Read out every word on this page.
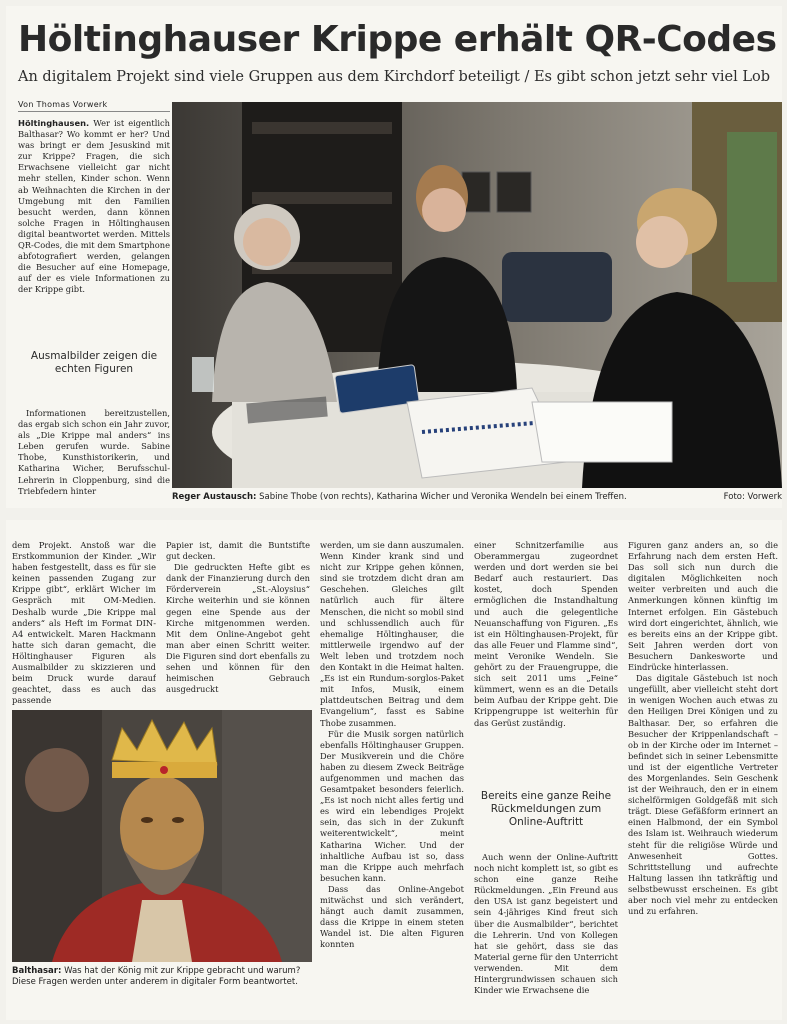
Höltinghauser Krippe erhält QR-Codes
An digitalem Projekt sind viele Gruppen aus dem Kirchdorf beteiligt / Es gibt schon jetzt sehr viel Lob
Von Thomas Vorwerk

Höltinghausen. Wer ist eigentlich Balthasar? Wo kommt er her? Und was bringt er dem Jesuskind mit zur Krippe? Fragen, die sich Erwachsene vielleicht gar nicht mehr stellen, Kinder schon. Wenn ab Weihnachten die Kirchen in der Umgebung mit den Familien besucht werden, dann können solche Fragen in Höltinghausen digital beantwortet werden. Mittels QR-Codes, die mit dem Smartphone abfotografiert werden, gelangen die Besucher auf eine Homepage, auf der es viele Informationen zu der Krippe gibt.

Ausmalbilder zeigen die echten Figuren

Informationen bereitzustellen, das ergab sich schon ein Jahr zuvor, als „Die Krippe mal anders“ ins Leben gerufen wurde. Sabine Thobe, Kunsthistorikerin, und Katharina Wicher, Berufsschul-Lehrerin in Cloppenburg, sind die Triebfedern hinter

Reger Austausch: Sabine Thobe (von rechts), Katharina Wicher und Veronika Wendeln bei einem Treffen.	Foto: Vorwerk

dem Projekt. Anstoß war die Erstkommunion der Kinder. „Wir haben festgestellt, dass es für sie keinen passenden Zugang zur Krippe gibt“, erklärt Wicher im Gespräch mit OM-Medien. Deshalb wurde „Die Krippe mal anders“ als Heft im Format DIN-A4 entwickelt. Maren Hackmann hatte sich daran gemacht, die Höltinghauser Figuren als Ausmalbilder zu skizzieren und beim Druck wurde darauf geachtet, dass es auch das passende

Balthasar: Was hat der König mit zur Krippe gebracht und warum? Diese Fragen werden unter anderem in digitaler Form beantwortet.

Papier ist, damit die Buntstifte gut decken.

Die gedruckten Hefte gibt es dank der Finanzierung durch den Förderverein „St.-Aloysius“ Kirche weiterhin und sie können gegen eine Spende aus der Kirche mitgenommen werden. Mit dem Online-Angebot geht man aber einen Schritt weiter. Die Figuren sind dort ebenfalls zu sehen und können für den heimischen Gebrauch ausgedruckt

werden, um sie dann auszumalen. Wenn Kinder krank sind und nicht zur Krippe gehen können, sind sie trotzdem dicht dran am Geschehen. Gleiches gilt natürlich auch für ältere Menschen, die nicht so mobil sind und schlussendlich auch für ehemalige Höltinghauser, die mittlerweile irgendwo auf der Welt leben und trotzdem noch den Kontakt in die Heimat halten. „Es ist ein Rundum-sorglos-Paket mit Infos, Musik, einem plattdeutschen Beitrag und dem Evangelium“, fasst es Sabine Thobe zusammen.

Für die Musik sorgen natürlich ebenfalls Höltinghauser Gruppen. Der Musikverein und die Chöre haben zu diesem Zweck Beiträge aufgenommen und machen das Gesamtpaket besonders feierlich. „Es ist noch nicht alles fertig und es wird ein lebendiges Projekt sein, das sich in der Zukunft weiterentwickelt“, meint Katharina Wicher. Und der inhaltliche Aufbau ist so, dass man die Krippe auch mehrfach besuchen kann.

Dass das Online-Angebot mitwächst und sich verändert, hängt auch damit zusammen, dass die Krippe in einem steten Wandel ist. Die alten Figuren konnten

einer Schnitzerfamilie aus Oberammergau zugeordnet werden und dort werden sie bei Bedarf auch restauriert. Das kostet, doch Spenden ermöglichen die Instandhaltung und auch die gelegentliche Neuanschaffung von Figuren. „Es ist ein Höltinghausen-Projekt, für das alle Feuer und Flamme sind“, meint Veronike Wendeln. Sie gehört zu der Frauengruppe, die sich seit 2011 ums „Feine“ kümmert, wenn es an die Details beim Aufbau der Krippe geht. Die Krippengruppe ist weiterhin für das Gerüst zuständig.

Bereits eine ganze Reihe Rückmeldungen zum Online-Auftritt

Auch wenn der Online-Auftritt noch nicht komplett ist, so gibt es schon eine ganze Reihe Rückmeldungen. „Ein Freund aus den USA ist ganz begeistert und sein 4-jähriges Kind freut sich über die Ausmalbilder“, berichtet die Lehrerin. Und von Kollegen hat sie gehört, dass sie das Material gerne für den Unterricht verwenden. Mit dem Hintergrundwissen schauen sich Kinder wie Erwachsene die

Figuren ganz anders an, so die Erfahrung nach dem ersten Heft. Das soll sich nun durch die digitalen Möglichkeiten noch weiter verbreiten und auch die Anmerkungen können künftig im Internet erfolgen. Ein Gästebuch wird dort eingerichtet, ähnlich, wie es bereits eins an der Krippe gibt. Seit Jahren werden dort von Besuchern Dankesworte und Eindrücke hinterlassen.

Das digitale Gästebuch ist noch ungefüllt, aber vielleicht steht dort in wenigen Wochen auch etwas zu den Heiligen Drei Königen und zu Balthasar. Der, so erfahren die Besucher der Krippenlandschaft – ob in der Kirche oder im Internet – befindet sich in seiner Lebensmitte und ist der eigentliche Vertreter des Morgenlandes. Sein Geschenk ist der Weihrauch, den er in einem sichelförmigen Goldgefäß mit sich trägt. Diese Gefäßform erinnert an einen Halbmond, der ein Symbol des Islam ist. Weihrauch wiederum steht für die religiöse Würde und Anwesenheit Gottes. Schrittstellung und aufrechte Haltung lassen ihn tatkräftig und selbstbewusst erscheinen. Es gibt aber noch viel mehr zu entdecken und zu erfahren.
